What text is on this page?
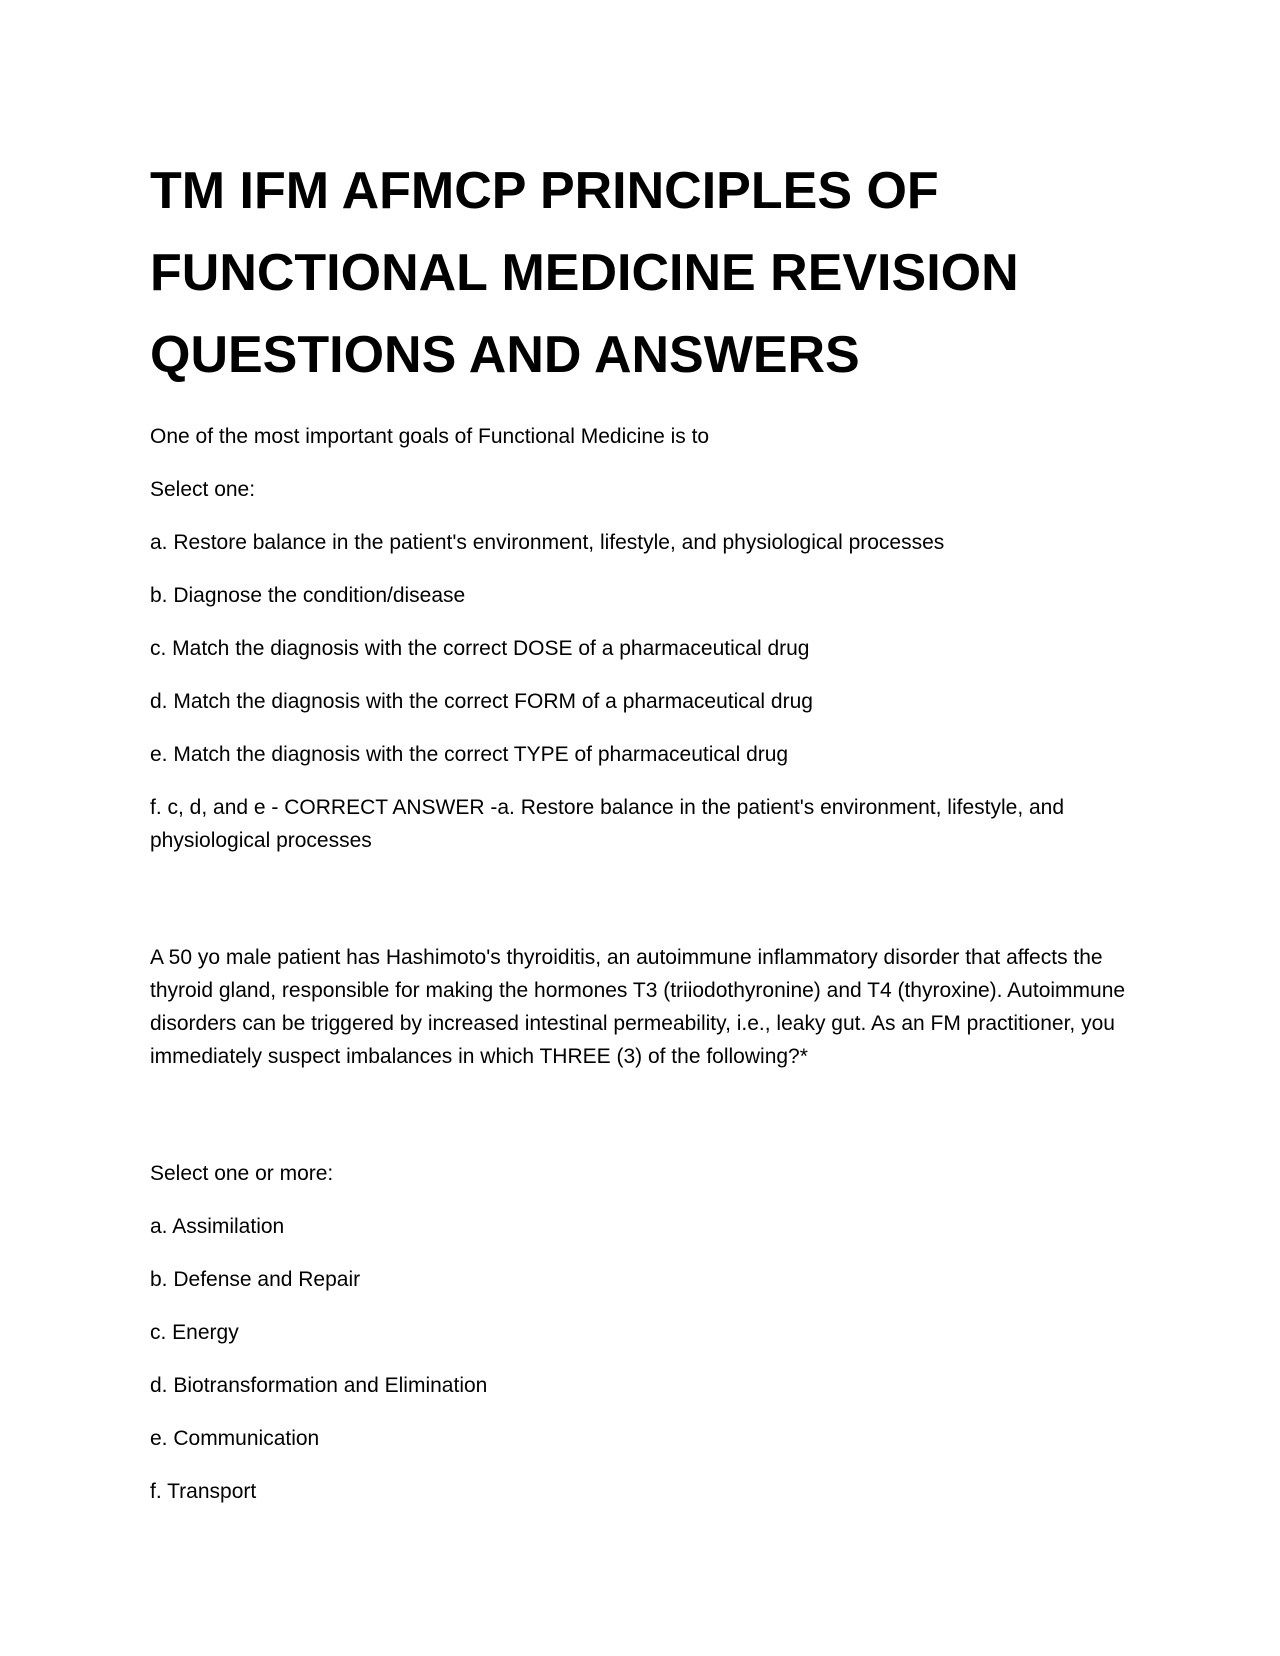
TM IFM AFMCP PRINCIPLES OF FUNCTIONAL MEDICINE REVISION QUESTIONS AND ANSWERS

One of the most important goals of Functional Medicine is to

Select one:

a. Restore balance in the patient's environment, lifestyle, and physiological processes

b. Diagnose the condition/disease

c. Match the diagnosis with the correct DOSE of a pharmaceutical drug

d. Match the diagnosis with the correct FORM of a pharmaceutical drug

e. Match the diagnosis with the correct TYPE of pharmaceutical drug

f. c, d, and e - CORRECT ANSWER -a. Restore balance in the patient's environment, lifestyle, and physiological processes

A 50 yo male patient has Hashimoto's thyroiditis, an autoimmune inflammatory disorder that affects the thyroid gland, responsible for making the hormones T3 (triiodothyronine) and T4 (thyroxine). Autoimmune disorders can be triggered by increased intestinal permeability, i.e., leaky gut. As an FM practitioner, you immediately suspect imbalances in which THREE (3) of the following?*

Select one or more:

a. Assimilation

b. Defense and Repair

c. Energy

d. Biotransformation and Elimination

e. Communication

f. Transport
